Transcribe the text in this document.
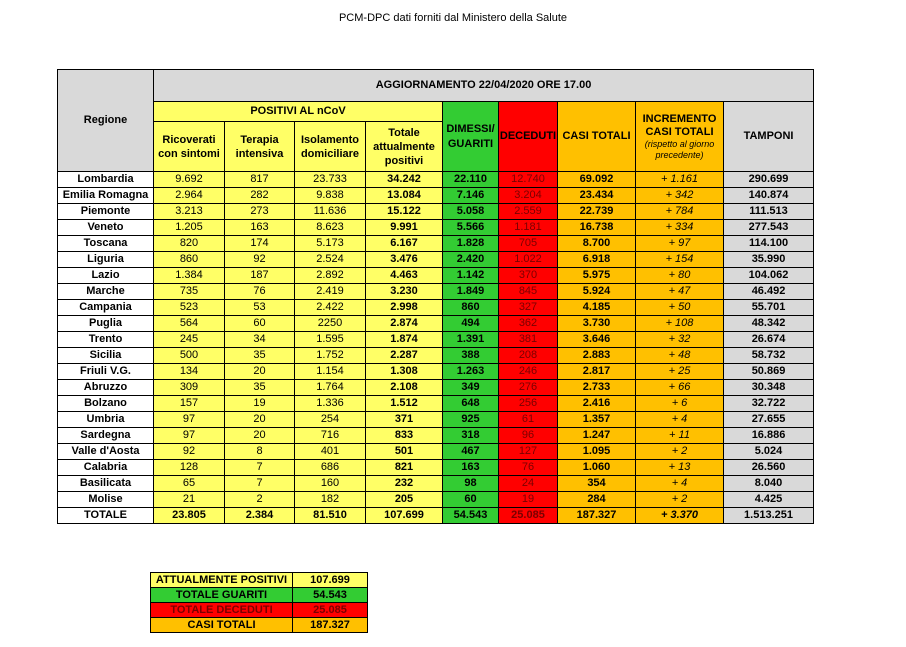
PCM-DPC dati forniti dal Ministero della Salute
Regione	AGGIORNAMENTO 22/04/2020 ORE 17.00								
	POSITIVI AL nCoV				DIMESSI/ GUARITI	DECEDUTI	CASI TOTALI	INCREMENTO CASI TOTALI
(rispetto al giorno precedente)	TAMPONI
	Ricoverati con sintomi	Terapia intensiva	Isolamento domiciliare	Totale attualmente positivi					
Lombardia	9.692	817	23.733	34.242	22.110	12.740	69.092	+ 1.161	290.699
Emilia Romagna	2.964	282	9.838	13.084	7.146	3.204	23.434	+ 342	140.874
Piemonte	3.213	273	11.636	15.122	5.058	2.559	22.739	+ 784	111.513
Veneto	1.205	163	8.623	9.991	5.566	1.181	16.738	+ 334	277.543
Toscana	820	174	5.173	6.167	1.828	705	8.700	+ 97	114.100
Liguria	860	92	2.524	3.476	2.420	1.022	6.918	+ 154	35.990
Lazio	1.384	187	2.892	4.463	1.142	370	5.975	+ 80	104.062
Marche	735	76	2.419	3.230	1.849	845	5.924	+ 47	46.492
Campania	523	53	2.422	2.998	860	327	4.185	+ 50	55.701
Puglia	564	60	2250	2.874	494	362	3.730	+ 108	48.342
Trento	245	34	1.595	1.874	1.391	381	3.646	+ 32	26.674
Sicilia	500	35	1.752	2.287	388	208	2.883	+ 48	58.732
Friuli V.G.	134	20	1.154	1.308	1.263	246	2.817	+ 25	50.869
Abruzzo	309	35	1.764	2.108	349	276	2.733	+ 66	30.348
Bolzano	157	19	1.336	1.512	648	256	2.416	+ 6	32.722
Umbria	97	20	254	371	925	61	1.357	+ 4	27.655
Sardegna	97	20	716	833	318	96	1.247	+ 11	16.886
Valle d'Aosta	92	8	401	501	467	127	1.095	+ 2	5.024
Calabria	128	7	686	821	163	76	1.060	+ 13	26.560
Basilicata	65	7	160	232	98	24	354	+ 4	8.040
Molise	21	2	182	205	60	19	284	+ 2	4.425
TOTALE	23.805	2.384	81.510	107.699	54.543	25.085	187.327	+ 3.370	1.513.251
ATTUALMENTE POSITIVI	107.699
TOTALE GUARITI	54.543
TOTALE DECEDUTI	25.085
CASI TOTALI	187.327
